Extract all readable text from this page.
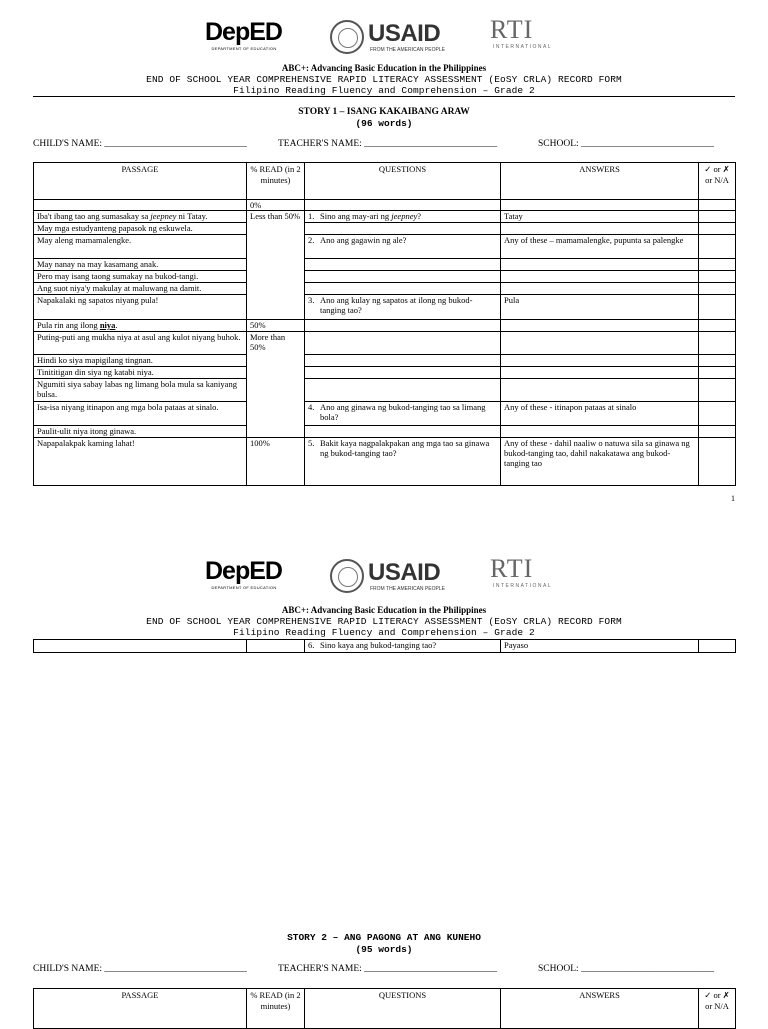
DepED
DEPARTMENT OF EDUCATION
USAID
FROM THE AMERICAN PEOPLE
RTI
INTERNATIONAL
ABC+: Advancing Basic Education in the Philippines
END OF SCHOOL YEAR COMPREHENSIVE RAPID LITERACY ASSESSMENT (EoSY CRLA) RECORD FORM
Filipino Reading Fluency and Comprehension – Grade 2
STORY 1 – ISANG KAKAIBANG ARAW
(96 words)
CHILD'S NAME: ______________________________	TEACHER'S NAME: ____________________________	SCHOOL: ____________________________
PASSAGE	% READ (in 2 minutes)	QUESTIONS	ANSWERS	✓ or ✗ or N/A
	0%			
Iba't ibang tao ang sumasakay sa jeepney ni Tatay.	Less than 50%	1. Sino ang may-ari ng jeepney?	Tatay	
May mga estudyanteng papasok ng eskuwela.				
May aleng mamamalengke.		2. Ano ang gagawin ng ale?	Any of these – mamamalengke, pupunta sa palengke	
May nanay na may kasamang anak.				
Pero may isang taong sumakay na bukod-tangi.				
Ang suot niya'y makulay at maluwang na damit.				
Napakalaki ng sapatos niyang pula!		3. Ano ang kulay ng sapatos at ilong ng bukod-tanging tao?	Pula	
Pula rin ang ilong niya.	50%			
Puting-puti ang mukha niya at asul ang kulot niyang buhok.	More than 50%			
Hindi ko siya mapigilang tingnan.				
Tinititigan din siya ng katabi niya.				
Ngumiti siya sabay labas ng limang bola mula sa kaniyang bulsa.				
Isa-isa niyang itinapon ang mga bola pataas at sinalo.		4. Ano ang ginawa ng bukod-tanging tao sa limang bola?	Any of these - itinapon pataas at sinalo	
Paulit-ulit niya itong ginawa.				
Napapalakpak kaming lahat!	100%	5. Bakit kaya nagpalakpakan ang mga tao sa ginawa ng bukod-tanging tao?	Any of these - dahil naaliw o natuwa sila sa ginawa ng bukod-tanging tao, dahil nakakatawa ang bukod-tanging tao	
1
DepED
DEPARTMENT OF EDUCATION
USAID
FROM THE AMERICAN PEOPLE
RTI
INTERNATIONAL
ABC+: Advancing Basic Education in the Philippines
END OF SCHOOL YEAR COMPREHENSIVE RAPID LITERACY ASSESSMENT (EoSY CRLA) RECORD FORM
Filipino Reading Fluency and Comprehension – Grade 2
		6. Sino kaya ang bukod-tanging tao?	Payaso	
STORY 2 – ANG PAGONG AT ANG KUNEHO
(95 words)
CHILD'S NAME: ______________________________	TEACHER'S NAME: ____________________________	SCHOOL: ____________________________
PASSAGE	% READ (in 2 minutes)	QUESTIONS	ANSWERS	✓ or ✗ or N/A
